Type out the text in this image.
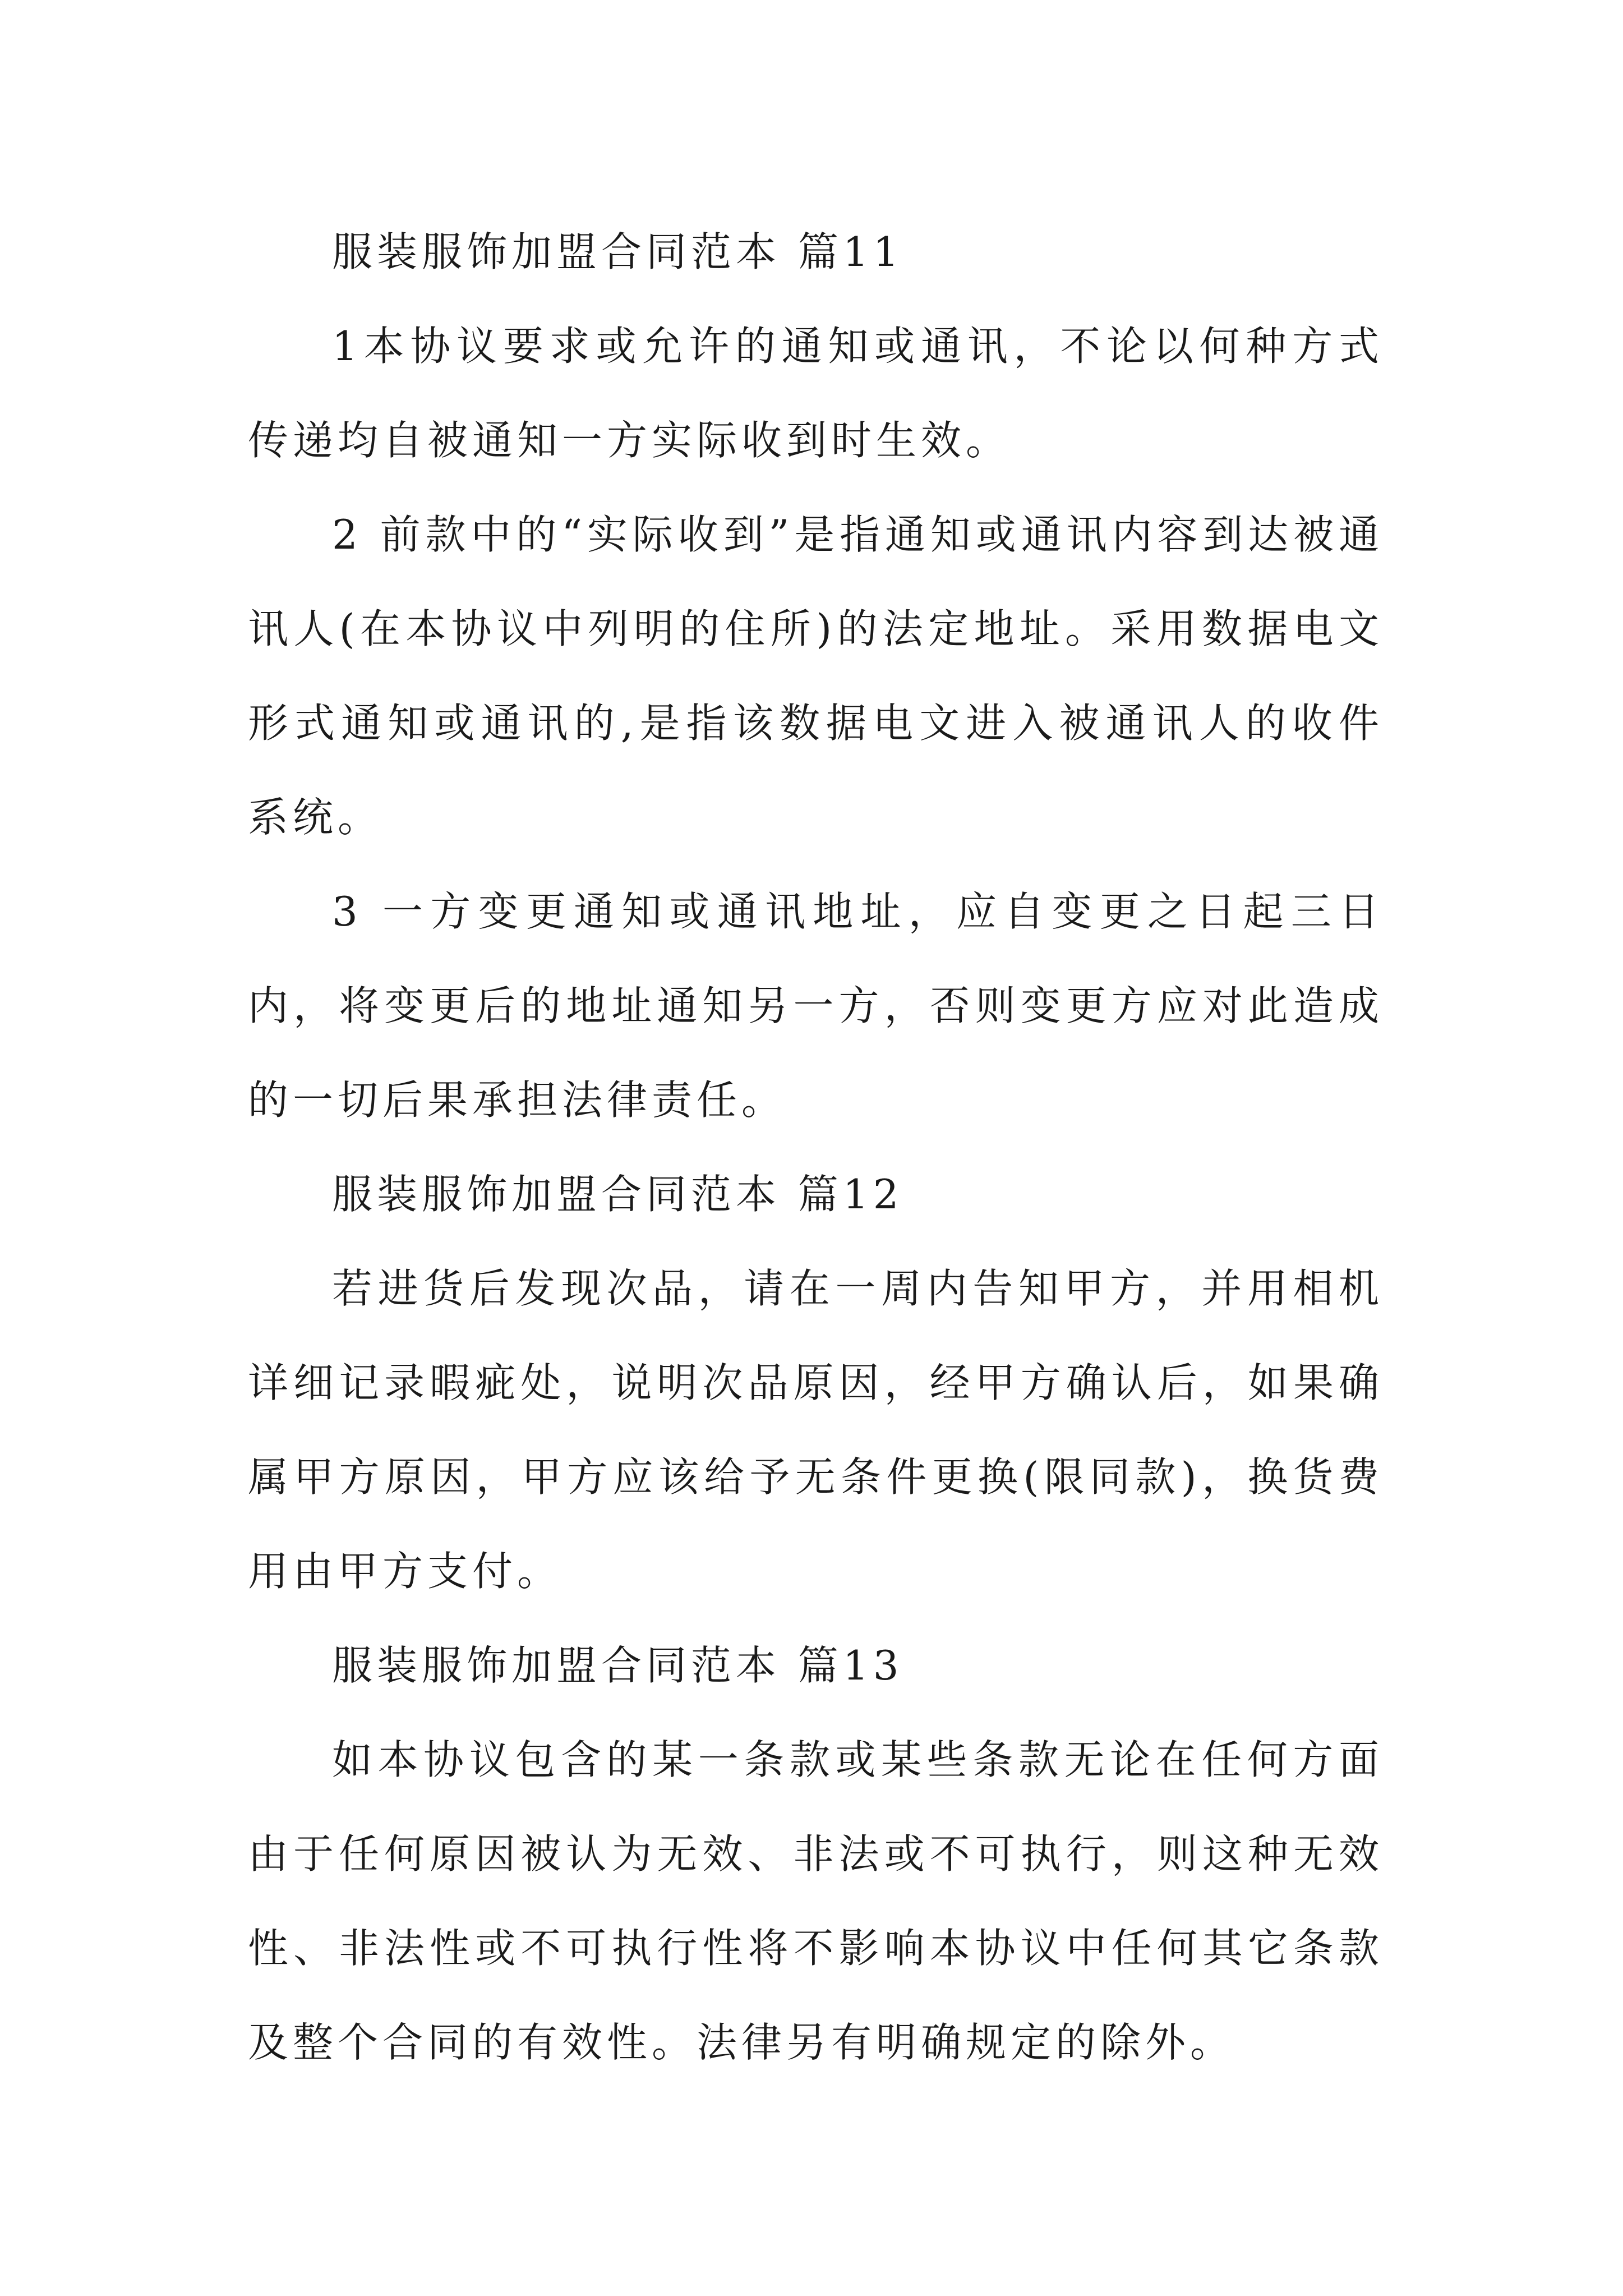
服装服饰加盟合同范本 篇11

1本协议要求或允许的通知或通讯，不论以何种方式传递均自被通知一方实际收到时生效。

2 前款中的“实际收到”是指通知或通讯内容到达被通讯人(在本协议中列明的住所)的法定地址。采用数据电文形式通知或通讯的,是指该数据电文进入被通讯人的收件系统。

3 一方变更通知或通讯地址，应自变更之日起三日内，将变更后的地址通知另一方，否则变更方应对此造成的一切后果承担法律责任。

服装服饰加盟合同范本 篇12

若进货后发现次品，请在一周内告知甲方，并用相机详细记录暇疵处，说明次品原因，经甲方确认后，如果确属甲方原因，甲方应该给予无条件更换(限同款)，换货费用由甲方支付。

服装服饰加盟合同范本 篇13

如本协议包含的某一条款或某些条款无论在任何方面由于任何原因被认为无效、非法或不可执行，则这种无效性、非法性或不可执行性将不影响本协议中任何其它条款及整个合同的有效性。法律另有明确规定的除外。
